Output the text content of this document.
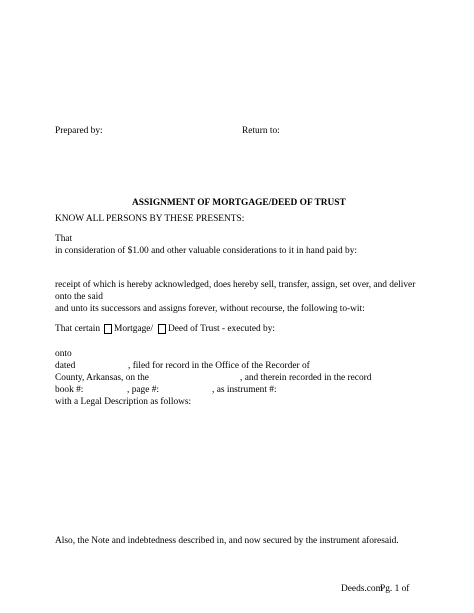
Prepared by:	Return to:
ASSIGNMENT OF MORTGAGE/DEED OF TRUST
KNOW ALL PERSONS BY THESE PRESENTS:
That
in consideration of $1.00 and other valuable considerations to it in hand paid by:
receipt of which is hereby acknowledged, does hereby sell, transfer, assign, set over, and deliver
onto the said
and unto its successors and assigns forever, without recourse, the following to-wit:
That certain Mortgage/ Deed of Trust - executed by:
onto
dated	, filed for record in the Office of the Recorder of
County, Arkansas, on the	, and therein recorded in the record
book #:	, page #:	, as instrument #:
with a Legal Description as follows:
Also, the Note and indebtedness described in, and now secured by the instrument aforesaid.
Deeds.com
Pg. 1 of
